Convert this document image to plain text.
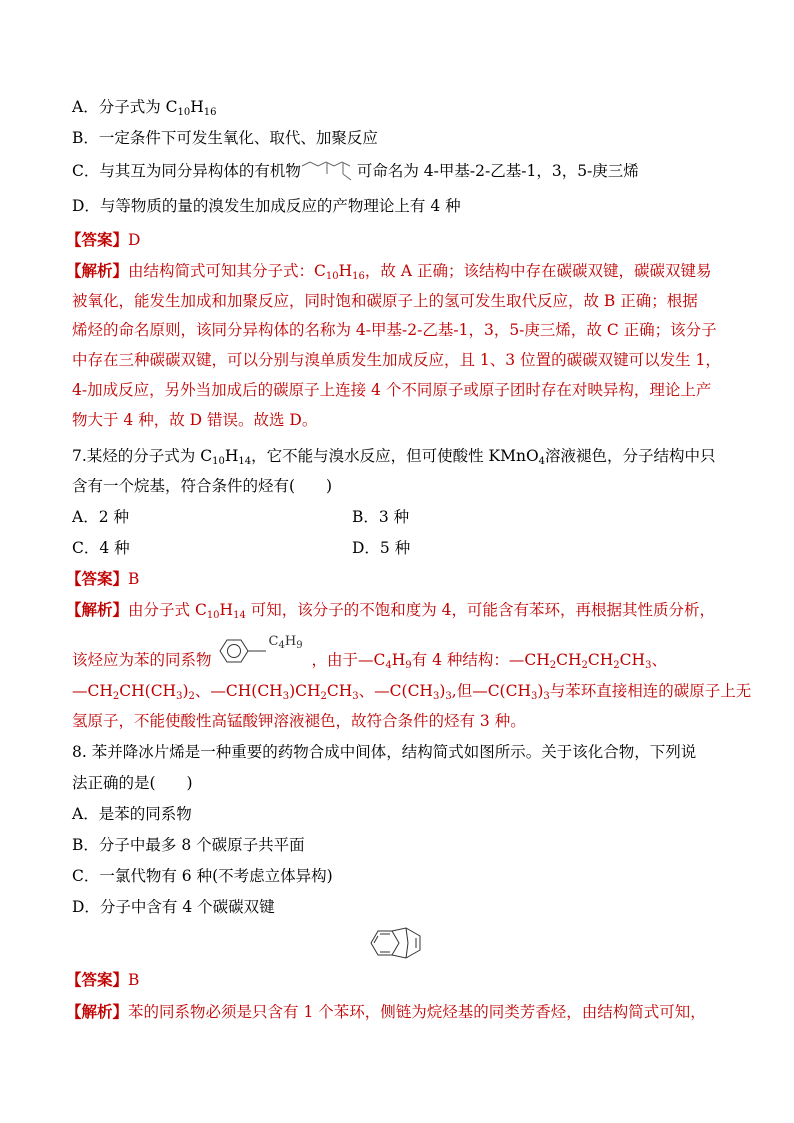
A．分子式为 $C_{10}H_{16}$
B．一定条件下可发生氧化、取代、加聚反应
C．与其互为同分异构体的有机物	可命名为 4-甲基-2-乙基-1，3，5-庚三烯
D．与等物质的量的溴发生加成反应的产物理论上有 4 种
【答案】D
【解析】由结构简式可知其分子式：$C_{10}H_{16}$，故 A 正确；该结构中存在碳碳双键，碳碳双键易
被氧化，能发生加成和加聚反应，同时饱和碳原子上的氢可发生取代反应，故 B 正确；根据
烯烃的命名原则，该同分异构体的名称为 4-甲基-2-乙基-1，3，5-庚三烯，故 C 正确；该分子
中存在三种碳碳双键，可以分别与溴单质发生加成反应，且 1、3 位置的碳碳双键可以发生 1，
4-加成反应，另外当加成后的碳原子上连接 4 个不同原子或原子团时存在对映异构，理论上产
物大于 4 种，故 D 错误。故选 D。
7.某烃的分子式为 $C_{10}H_{14}$，它不能与溴水反应，但可使酸性 KMnO$_4$溶液褪色，分子结构中只
含有一个烷基，符合条件的烃有(　　)
A．2 种	B．3 种
C．4 种	D．5 种
【答案】B
【解析】由分子式 $C_{10}H_{14}$ 可知，该分子的不饱和度为 4，可能含有苯环，再根据其性质分析，
该烃应为苯的同系物
$C_4H_9$
，由于$—C_4H_9$有 4 种结构：$—CH_2CH_2CH_2CH_3$、
$—CH_2CH(CH_3)_2$、$—CH(CH_3)CH_2CH_3$、$—C(CH_3)_3$,但$—C(CH_3)_3$与苯环直接相连的碳原子上无
氢原子，不能使酸性高锰酸钾溶液褪色，故符合条件的烃有 3 种。
8. 苯并降冰片烯是一种重要的药物合成中间体，结构简式如图所示。关于该化合物，下列说
法正确的是(　　)
A．是苯的同系物
B．分子中最多 8 个碳原子共平面
C．一氯代物有 6 种(不考虑立体异构)
D．分子中含有 4 个碳碳双键
【答案】B
【解析】苯的同系物必须是只含有 1 个苯环，侧链为烷烃基的同类芳香烃，由结构简式可知，
